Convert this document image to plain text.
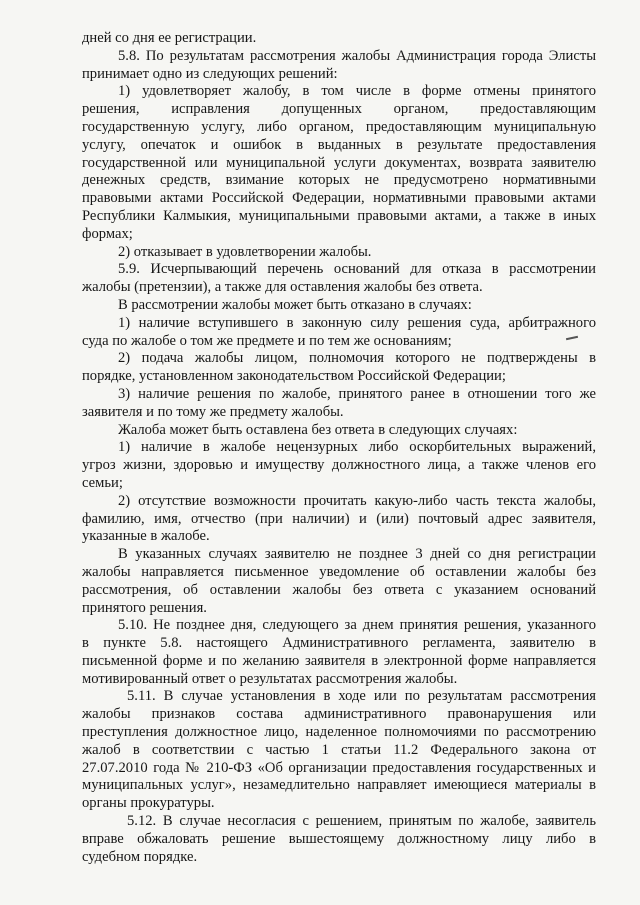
дней со дня ее регистрации.
5.8. По результатам рассмотрения жалобы Администрация города Элисты
принимает одно из следующих решений:
1) удовлетворяет жалобу, в том числе в форме отмены принятого
решения, исправления допущенных органом, предоставляющим
государственную услугу, либо органом, предоставляющим муниципальную
услугу, опечаток и ошибок в выданных в результате предоставления
государственной или муниципальной услуги документах, возврата заявителю
денежных средств, взимание которых не предусмотрено нормативными
правовыми актами Российской Федерации, нормативными правовыми актами
Республики Калмыкия, муниципальными правовыми актами, а также в иных
формах;
2) отказывает в удовлетворении жалобы.
5.9. Исчерпывающий перечень оснований для отказа в рассмотрении
жалобы (претензии), а также для оставления жалобы без ответа.
В рассмотрении жалобы может быть отказано в случаях:
1) наличие вступившего в законную силу решения суда, арбитражного
суда по жалобе о том же предмете и по тем же основаниям;
2) подача жалобы лицом, полномочия которого не подтверждены в
порядке, установленном законодательством Российской Федерации;
3) наличие решения по жалобе, принятого ранее в отношении того же
заявителя и по тому же предмету жалобы.
Жалоба может быть оставлена без ответа в следующих случаях:
1) наличие в жалобе нецензурных либо оскорбительных выражений,
угроз жизни, здоровью и имуществу должностного лица, а также членов его
семьи;
2) отсутствие возможности прочитать какую-либо часть текста жалобы,
фамилию, имя, отчество (при наличии) и (или) почтовый адрес заявителя,
указанные в жалобе.
В указанных случаях заявителю не позднее 3 дней со дня регистрации
жалобы направляется письменное уведомление об оставлении жалобы без
рассмотрения, об оставлении жалобы без ответа с указанием оснований
принятого решения.
5.10. Не позднее дня, следующего за днем принятия решения, указанного
в пункте 5.8. настоящего Административного регламента, заявителю в
письменной форме и по желанию заявителя в электронной форме направляется
мотивированный ответ о результатах рассмотрения жалобы.
5.11. В случае установления в ходе или по результатам рассмотрения
жалобы признаков состава административного правонарушения или
преступления должностное лицо, наделенное полномочиями по рассмотрению
жалоб в соответствии с частью 1 статьи 11.2 Федерального закона от
27.07.2010 года № 210-ФЗ «Об организации предоставления государственных и
муниципальных услуг», незамедлительно направляет имеющиеся материалы в
органы прокуратуры.
5.12. В случае несогласия с решением, принятым по жалобе, заявитель
вправе обжаловать решение вышестоящему должностному лицу либо в
судебном порядке.
